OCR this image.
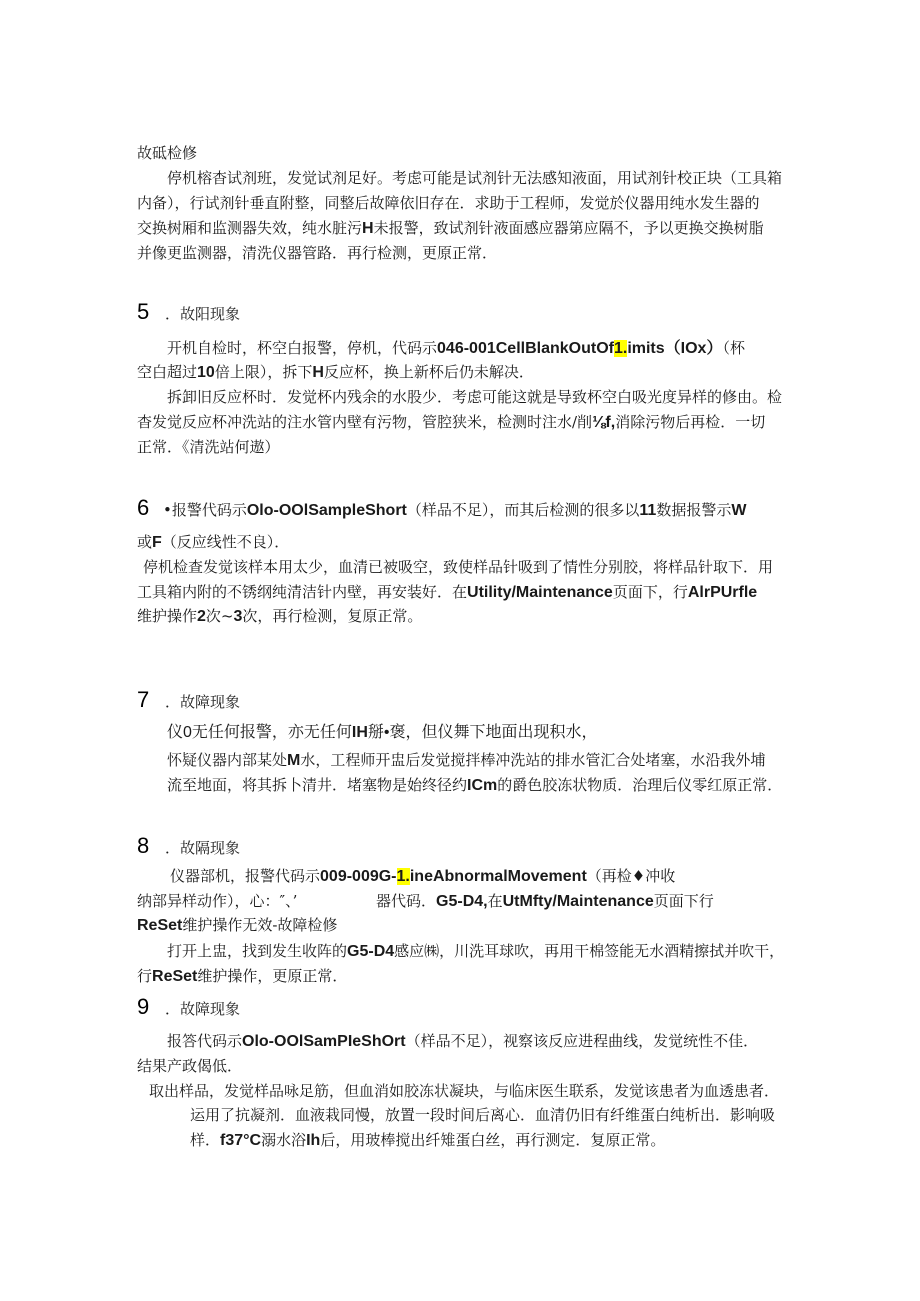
故砥检修
停机榕杳试剂班，发觉试剂足好。考虑可能是试剂针无法感知液面，用试剂针校正块（工具箱
内备），行试剂针垂直附整，同整后故障依旧存在．求助于工程师，发觉於仪器用纯水发生器的
交换树厢和监测器失效，纯水脏污H未报警，致试剂针液面感应器第应隔不，予以更换交换树脂
并像更监测器，清洗仪器管路．再行检测，更原正常．
5 ．故阳现象
开机自检时，杯空白报警，停机，代码示046-001CellBlankOutOf1.imits（IOx）（杯
空白超过10倍上限），拆下H反应杯，换上新杯后仍未解决．
拆卸旧反应杯时．发觉杯内残余的水股少．考虑可能这就是导致杯空白吸光度异样的修由。检
杳发觉反应杯冲洗站的注水管内壁有污物，管腔狭米，检测时注水/削⅛f,消除污物后再检．一切
正常．《清洗站何遨）
6 •报警代码示Olo-OOlSampleShort（样品不足），而其后检测的很多以11数据报警示W
或F（反应线性不良）．
停机检查发觉该样本用太少，血清已被吸空，致使样品针吸到了情性分别胶，将样品针取下．用
工具箱内附的不锈纲纯清洁针内壁，再安装好．在Utility/Maintenance页面下，行AlrPUrfle
维护操作2次~3次，再行检测，复原正常。
7 ．故障现象
仪0无任何报警，亦无任何IH掰•褒，但仪舞下地面出现积水，
怀疑仪器内部某处M水，工程师开盅后发觉搅拌棒冲洗站的排水管汇合处堵塞，水沿我外埔
流至地面，将其拆卜清井．堵塞物是始终径约ICm的爵色胶冻状物质．治理后仪零红原正常．
8 ．故隔现象
仪器部机，报警代码示009-009G-1.ineAbnormalMovement（再检♦冲收
纳部异样动作），心：″、’	器代码．G5-D4,在UtMfty/Maintenance页面下行
ReSet维护操作无效-故障检修
打开上盅，找到发生收阵的G5-D4感应㈱，川洗耳球吹，再用干棉签能无水酒精擦拭并吹干，
行ReSet维护操作，更原正常．
9 ．故障现象
报答代码示Olo-OOlSamPIeShOrt（样品不足），视察该反应进程曲线，发觉统性不佳．
结果产政偈低．
取出样品，发觉样品咏足筋，但血消如胶冻状凝块，与临床医生联系，发觉该患者为血透患者．
运用了抗凝剂．血液栽同慢，放置一段时间后离心．血清仍旧有纤维蛋白纯析出．影响吸
样．f37°C溺水浴Ih后，用玻棒搅出纤雉蛋白丝，再行测定．复原正常。
